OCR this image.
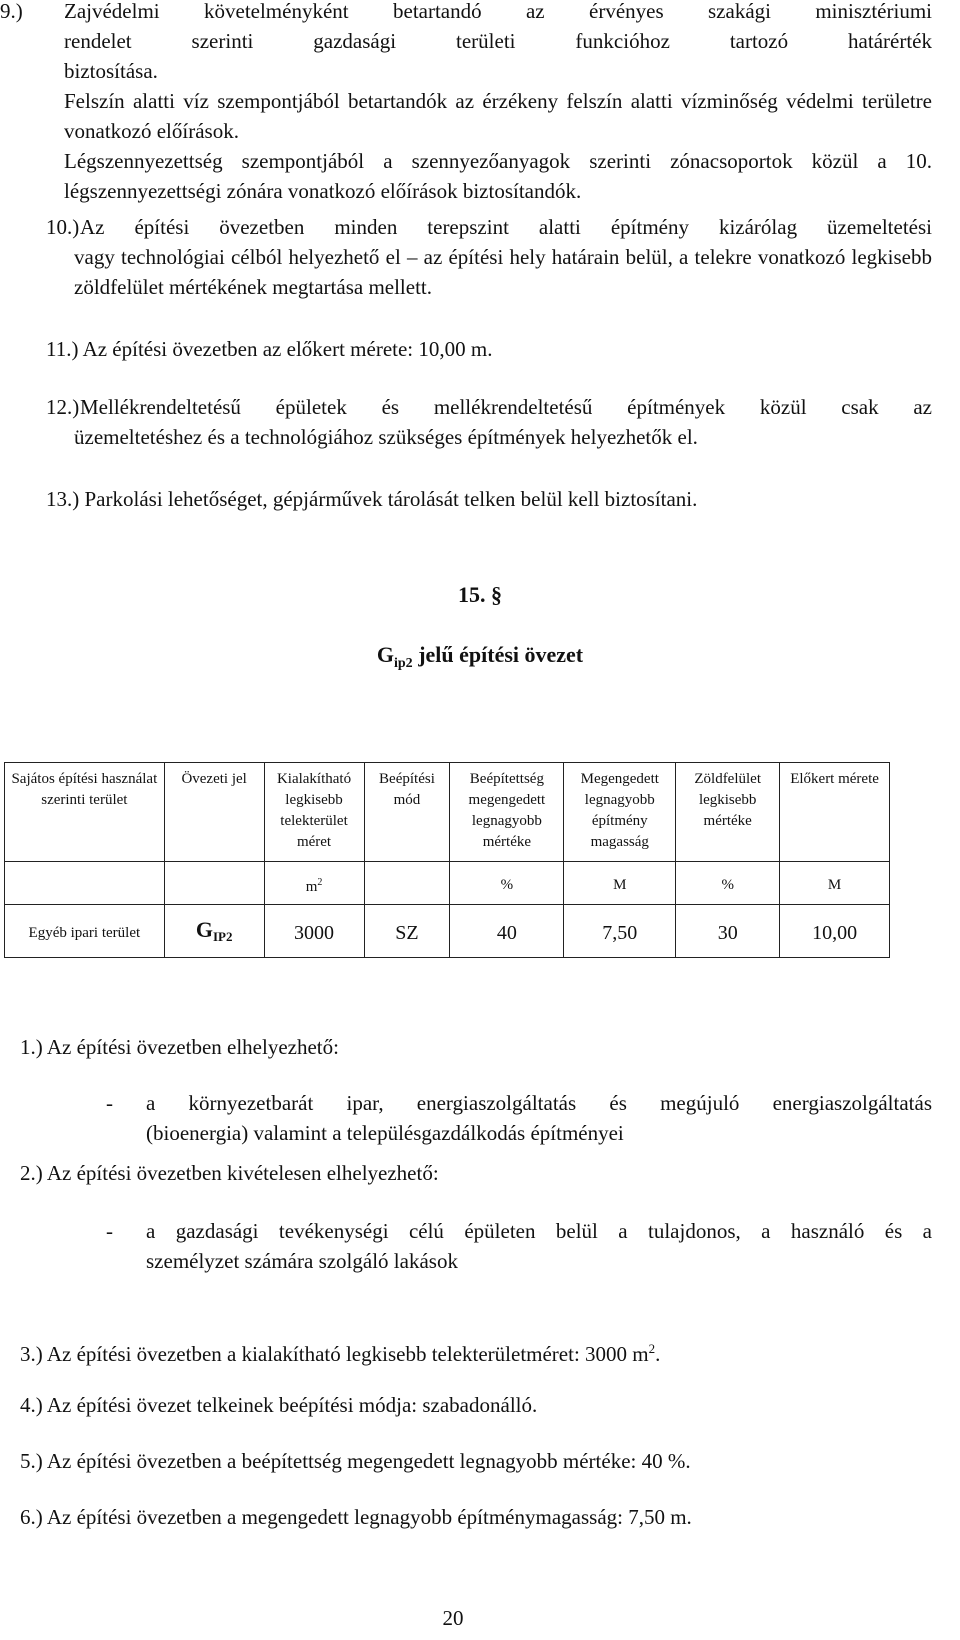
9.)	Zajvédelmi követelményként betartandó az érvényes szakági minisztériumi
rendelet szerinti gazdasági területi funkcióhoz tartozó határérték
biztosítása.
Felszín alatti víz szempontjából betartandók az érzékeny felszín alatti vízminőség védelmi területre vonatkozó előírások.
Légszennyezettség szempontjából a szennyezőanyagok szerinti zónacsoportok közül a 10. légszennyezettségi zónára vonatkozó előírások biztosítandók.
10.) Az építési övezetben minden terepszint alatti építmény kizárólag üzemeltetési
vagy technológiai célból helyezhető el – az építési hely határain belül, a telekre vonatkozó legkisebb zöldfelület mértékének megtartása mellett.
11.) Az építési övezetben az előkert mérete: 10,00 m.
12.) Mellékrendeltetésű épületek és mellékrendeltetésű építmények közül csak az
üzemeltetéshez és a technológiához szükséges építmények helyezhetők el.
13.) Parkolási lehetőséget, gépjárművek tárolását telken belül kell biztosítani.
15. §
$G_{ip2}$ jelű építési övezet
Sajátos építési használat szerinti terület	Övezeti jel	Kialakítható legkisebb telekterület méret	Beépítési mód	Beépítettség megengedett legnagyobb mértéke	Megengedett legnagyobb építmény magasság	Zöldfelület legkisebb mértéke	Előkert mérete
		$m^2$		%	M	%	M
Egyéb ipari terület	GIP2	3000	SZ	40	7,50	30	10,00
1.) Az építési övezetben elhelyezhető:
-	a környezetbarát ipar, energiaszolgáltatás és megújuló energiaszolgáltatás
(bioenergia) valamint a településgazdálkodás építményei
2.) Az építési övezetben kivételesen elhelyezhető:
-	a gazdasági tevékenységi célú épületen belül a tulajdonos, a használó és a
személyzet számára szolgáló lakások
3.) Az építési övezetben a kialakítható legkisebb telekterületméret: 3000 $m^2$.
4.) Az építési övezet telkeinek beépítési módja: szabadonálló.
5.) Az építési övezetben a beépítettség megengedett legnagyobb mértéke: 40 %.
6.) Az építési övezetben a megengedett legnagyobb építménymagasság: 7,50 m.
20
